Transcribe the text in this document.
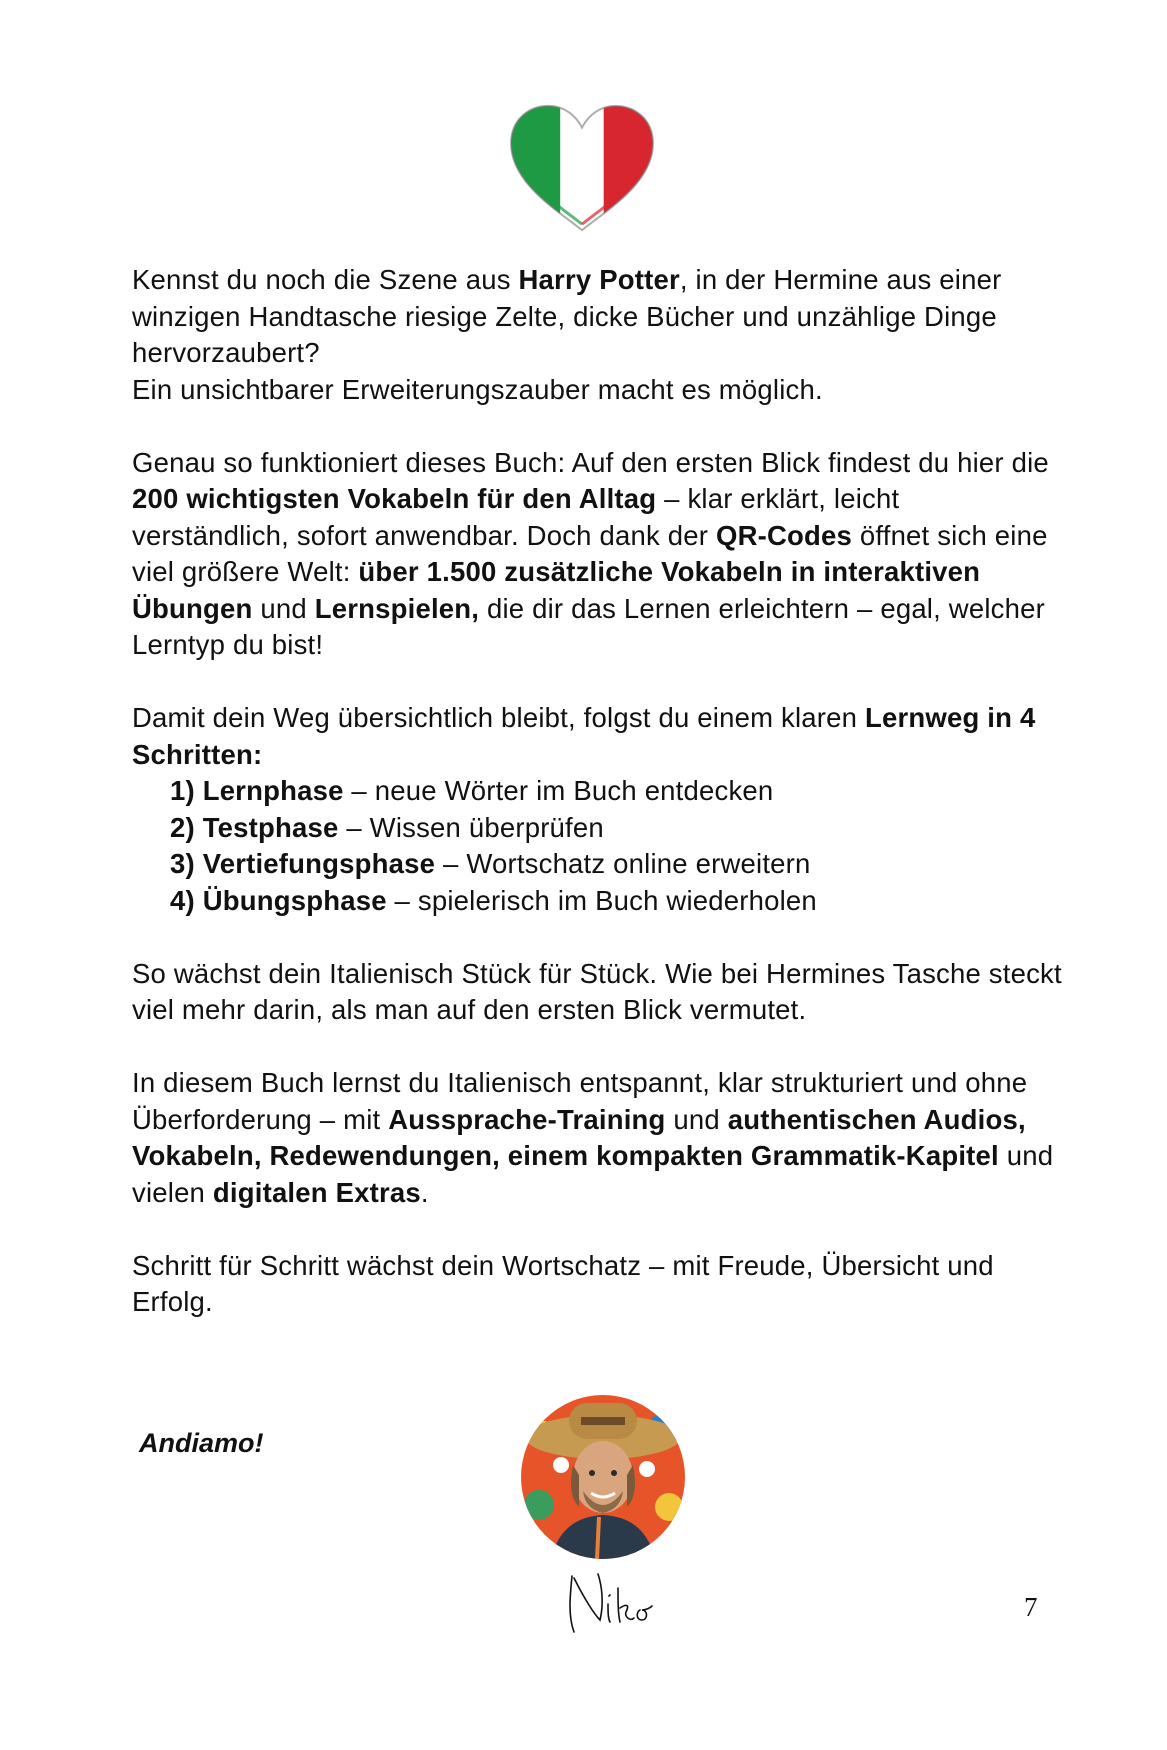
Kennst du noch die Szene aus Harry Potter, in der Hermine aus einer winzigen Handtasche riesige Zelte, dicke Bücher und unzählige Dinge hervorzaubert?
Ein unsichtbarer Erweiterungszauber macht es möglich.

Genau so funktioniert dieses Buch: Auf den ersten Blick findest du hier die 200 wichtigsten Vokabeln für den Alltag – klar erklärt, leicht verständlich, sofort anwendbar. Doch dank der QR-Codes öffnet sich eine viel größere Welt: über 1.500 zusätzliche Vokabeln in interaktiven Übungen und Lernspielen, die dir das Lernen erleichtern – egal, welcher Lerntyp du bist!

Damit dein Weg übersichtlich bleibt, folgst du einem klaren Lernweg in 4 Schritten:

1) Lernphase – neue Wörter im Buch entdecken
2) Testphase – Wissen überprüfen
3) Vertiefungsphase – Wortschatz online erweitern
4) Übungsphase – spielerisch im Buch wiederholen

So wächst dein Italienisch Stück für Stück. Wie bei Hermines Tasche steckt viel mehr darin, als man auf den ersten Blick vermutet.

In diesem Buch lernst du Italienisch entspannt, klar strukturiert und ohne Überforderung – mit Aussprache-Training und authentischen Audios, Vokabeln, Redewendungen, einem kompakten Grammatik-Kapitel und vielen digitalen Extras.

Schritt für Schritt wächst dein Wortschatz – mit Freude, Übersicht und Erfolg.

Andiamo!
7
